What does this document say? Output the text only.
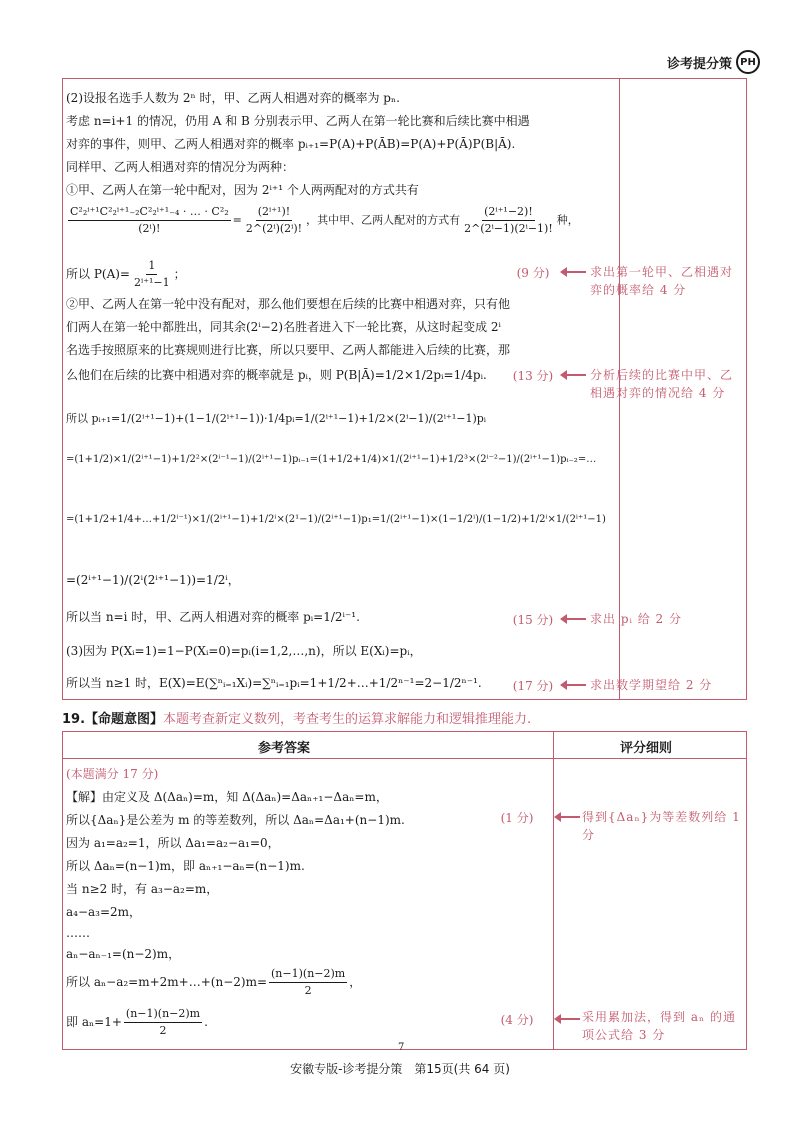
诊考提分策 PH
(2)设报名选手人数为 2ⁿ 时，甲、乙两人相遇对弈的概率为 pₙ.
考虑 n=i+1 的情况，仍用 A 和 B 分别表示甲、乙两人在第一轮比赛和后续比赛中相遇
对弈的事件，则甲、乙两人相遇对弈的概率 pᵢ₊₁=P(A)+P(ĀB)=P(A)+P(Ā)P(B|Ā).
同样甲、乙两人相遇对弈的情况分为两种：
①甲、乙两人在第一轮中配对，因为 2ⁱ⁺¹ 个人两两配对的方式共有
$\frac{\text{C²₂ⁱ⁺¹C²₂ⁱ⁺¹₋₂C²₂ⁱ⁺¹₋₄ · … · C²₂}}{\text{(2ⁱ)!}} = \frac{\text{(2ⁱ⁺¹)!}}{\text{2\textasciicircum{}(2ⁱ)(2ⁱ)!}}$ ，其中甲、乙两人配对的方式有 $\frac{\text{(2ⁱ⁺¹−2)!}}{\text{2\textasciicircum{}(2ⁱ−1)(2ⁱ−1)!}}$ 种，
所以 $P(A)= \frac{1}{\text{2ⁱ⁺¹−1}}$ ；
②甲、乙两人在第一轮中没有配对，那么他们要想在后续的比赛中相遇对弈，只有他
们两人在第一轮中都胜出，同其余(2ⁱ−2)名胜者进入下一轮比赛，从这时起变成 2ⁱ
名选手按照原来的比赛规则进行比赛，所以只要甲、乙两人都能进入后续的比赛，那
么他们在后续的比赛中相遇对弈的概率就是 pᵢ，则 P(B|Ā)=1/2×1/2pᵢ=1/4pᵢ.
所以 pᵢ₊₁=1/(2ⁱ⁺¹−1)+(1−1/(2ⁱ⁺¹−1))·1/4pᵢ=1/(2ⁱ⁺¹−1)+1/2×(2ⁱ−1)/(2ⁱ⁺¹−1)pᵢ
=(1+1/2)×1/(2ⁱ⁺¹−1)+1/2²×(2ⁱ⁻¹−1)/(2ⁱ⁺¹−1)pᵢ₋₁=(1+1/2+1/4)×1/(2ⁱ⁺¹−1)+1/2³×(2ⁱ⁻²−1)/(2ⁱ⁺¹−1)pᵢ₋₂=…
=(1+1/2+1/4+…+1/2ⁱ⁻¹)×1/(2ⁱ⁺¹−1)+1/2ⁱ×(2¹−1)/(2ⁱ⁺¹−1)p₁=1/(2ⁱ⁺¹−1)×(1−1/2ⁱ)/(1−1/2)+1/2ⁱ×1/(2ⁱ⁺¹−1)
=(2ⁱ⁺¹−1)/(2ⁱ(2ⁱ⁺¹−1))=1/2ⁱ，
所以当 n=i 时，甲、乙两人相遇对弈的概率 pᵢ=1/2ⁱ⁻¹.
(3)因为 P(Xᵢ=1)=1−P(Xᵢ=0)=pᵢ(i=1,2,…,n)，所以 E(Xᵢ)=pᵢ，
所以当 n≥1 时，E(X)=E(∑ⁿᵢ₌₁Xᵢ)=∑ⁿᵢ₌₁pᵢ=1+1/2+…+1/2ⁿ⁻¹=2−1/2ⁿ⁻¹.
(9 分)
(13 分)
(15 分)
(17 分)
求出第一轮甲、乙相遇对弈的概率给 4 分
分析后续的比赛中甲、乙相遇对弈的情况给 4 分
求出 pᵢ 给 2 分
求出数学期望给 2 分
19.【命题意图】本题考查新定义数列，考查考生的运算求解能力和逻辑推理能力.
参考答案	评分细则
(本题满分 17 分)
【解】由定义及 Δ(Δaₙ)=m，知 Δ(Δaₙ)=Δaₙ₊₁−Δaₙ=m，
所以{Δaₙ}是公差为 m 的等差数列，所以 Δaₙ=Δa₁+(n−1)m.
因为 a₁=a₂=1，所以 Δa₁=a₂−a₁=0，
所以 Δaₙ=(n−1)m，即 aₙ₊₁−aₙ=(n−1)m.
当 n≥2 时，有 a₃−a₂=m，
a₄−a₃=2m，
……
aₙ−aₙ₋₁=(n−2)m，
所以 aₙ−a₂=m+2m+…+(n−2)m= $\frac{(n-1)(n-2)m}{2}$ ，
即 $a_n=1+ \frac{(n-1)(n-2)m}{2}$ .
(1 分)
(4 分)
得到{Δaₙ}为等差数列给 1 分
采用累加法，得到 aₙ 的通项公式给 3 分
7
安徽专版-诊考提分策　第15页(共 64 页)
